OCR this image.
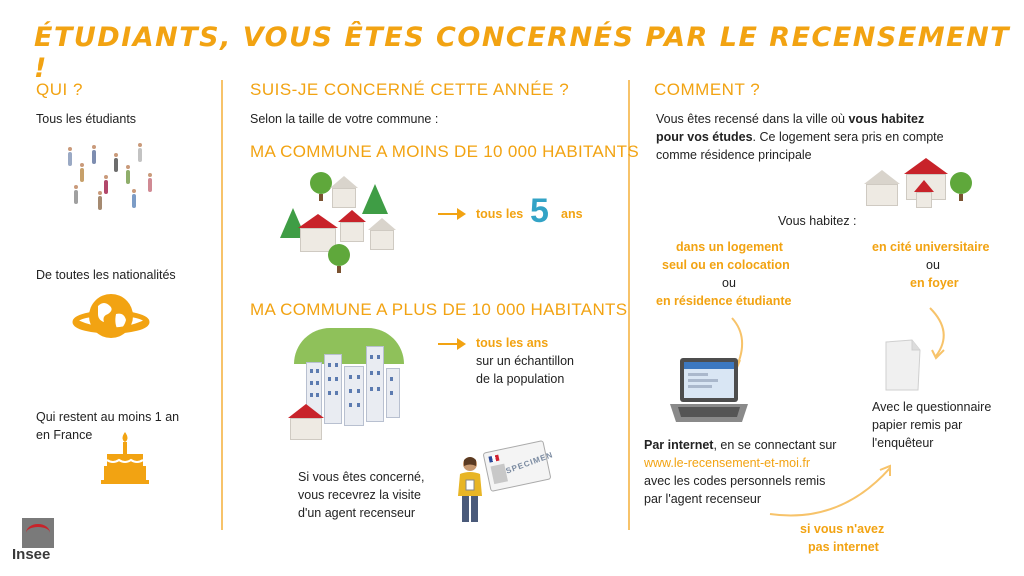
ÉTUDIANTS, VOUS ÊTES CONCERNÉS PAR LE RECENSEMENT !
QUI ?
Tous les étudiants
De toutes les nationalités
Qui restent au moins 1 an
en France
SUIS-JE CONCERNÉ CETTE ANNÉE ?
Selon la taille de votre commune :
MA COMMUNE A MOINS DE 10 000 HABITANTS
tous les 5 ans
MA COMMUNE A PLUS DE 10 000 HABITANTS
tous les ans
sur un échantillon
de la population
Si vous êtes concerné,
vous recevrez la visite
d'un agent recenseur
SPECIMEN
COMMENT ?
Vous êtes recensé dans la ville où vous habitez
pour vos études. Ce logement sera pris en compte
comme résidence principale
Vous habitez :
dans un logement
seul ou en colocation
ou
en résidence étudiante
en cité universitaire
ou
en foyer
Par internet, en se connectant sur
www.le-recensement-et-moi.fr
avec les codes personnels remis
par l'agent recenseur
Avec le questionnaire
papier remis par
l'enquêteur
si vous n'avez
pas internet
Insee
